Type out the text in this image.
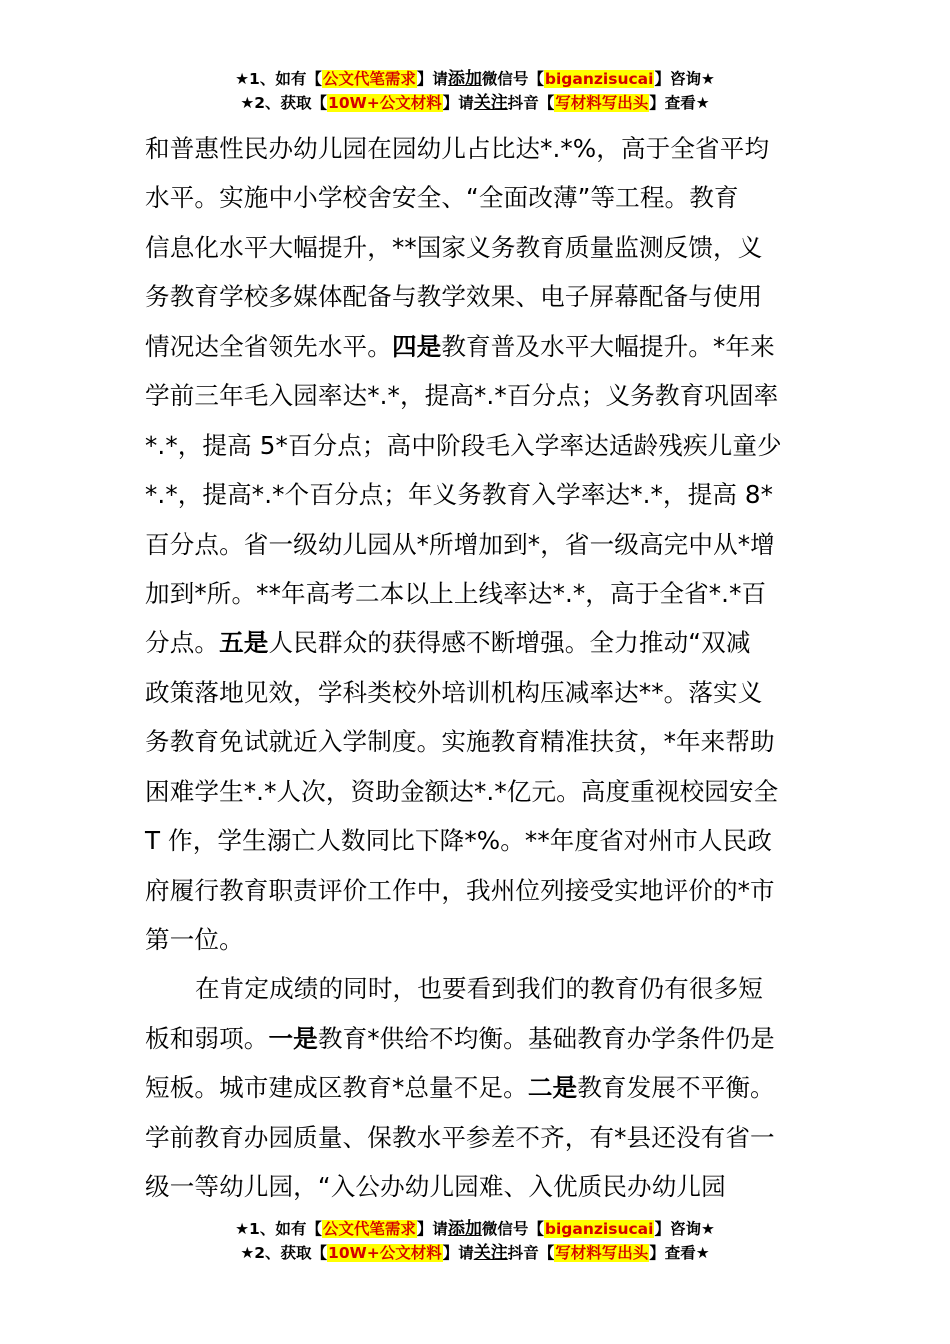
★1、如有【公文代笔需求】请添加微信号【biganzisucai】咨询★
★2、获取【10W+公文材料】请关注抖音【写材料写出头】查看★
和普惠性民办幼儿园在园幼儿占比达*.*%，高于全省平均
水平。实施中小学校舍安全、“全面改薄”等工程。教育
信息化水平大幅提升，**国家义务教育质量监测反馈，义
务教育学校多媒体配备与教学效果、电子屏幕配备与使用
情况达全省领先水平。四是教育普及水平大幅提升。*年来
学前三年毛入园率达*.*，提高*.*百分点；义务教育巩固率
*.*，提高 5*百分点；高中阶段毛入学率达适龄残疾儿童少
*.*，提高*.*个百分点；年义务教育入学率达*.*，提高 8*
百分点。省一级幼儿园从*所增加到*，省一级高完中从*增
加到*所。**年高考二本以上上线率达*.*，高于全省*.*百
分点。五是人民群众的获得感不断增强。全力推动“双减
政策落地见效，学科类校外培训机构压减率达**。落实义
务教育免试就近入学制度。实施教育精准扶贫，*年来帮助
困难学生*.*人次，资助金额达*.*亿元。高度重视校园安全
T 作，学生溺亡人数同比下降*%。**年度省对州市人民政
府履行教育职责评价工作中，我州位列接受实地评价的*市
第一位。
在肯定成绩的同时，也要看到我们的教育仍有很多短
板和弱项。一是教育*供给不均衡。基础教育办学条件仍是
短板。城市建成区教育*总量不足。二是教育发展不平衡。
学前教育办园质量、保教水平参差不齐，有*县还没有省一
级一等幼儿园，“入公办幼儿园难、入优质民办幼儿园
★1、如有【公文代笔需求】请添加微信号【biganzisucai】咨询★
★2、获取【10W+公文材料】请关注抖音【写材料写出头】查看★
